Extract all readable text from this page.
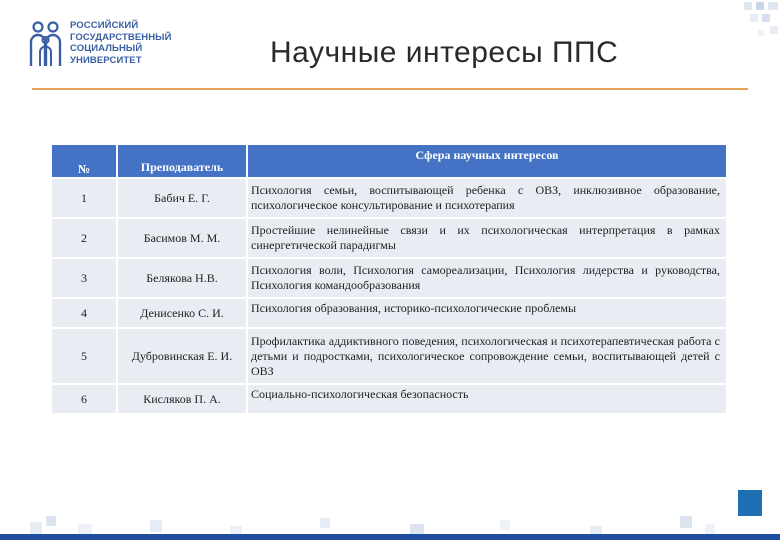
РОССИЙСКИЙ
ГОСУДАРСТВЕННЫЙ
СОЦИАЛЬНЫЙ
УНИВЕРСИТЕТ	Научные интересы ППС
№	Преподаватель	Сфера научных интересов
1	Бабич Е. Г.	Психология семьи, воспитывающей ребенка с ОВЗ, инклюзивное образование, психологическое консультирование и психотерапия
2	Басимов М. М.	Простейшие нелинейные связи и их психологическая интерпретация в рамках синергетической парадигмы
3	Белякова Н.В.	Психология воли, Психология самореализации, Психология лидерства и руководства, Психология командообразования
4	Денисенко С. И.	Психология образования, историко-психологические проблемы
5	Дубровинская Е. И.	Профилактика аддиктивного поведения, психологическая и психотерапевтическая работа с детьми и подростками, психологическое сопровождение семьи, воспитывающей детей с ОВЗ
6	Кисляков П. А.	Социально-психологическая безопасность
